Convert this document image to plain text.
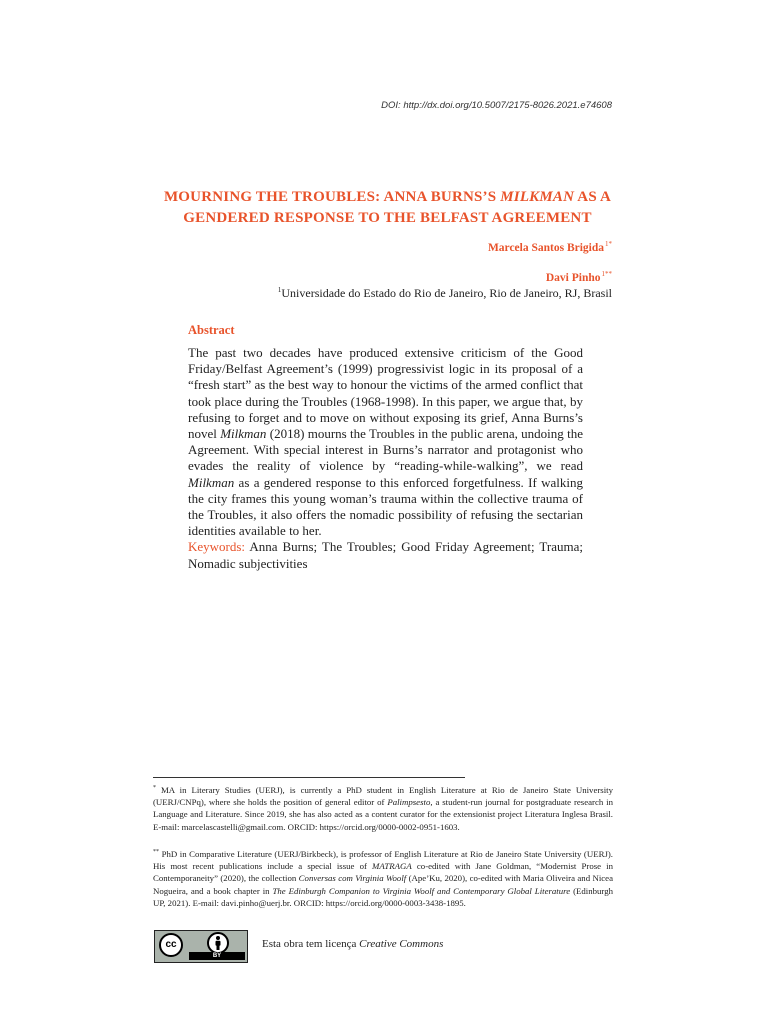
DOI: http://dx.doi.org/10.5007/2175-8026.2021.e74608
MOURNING THE TROUBLES: ANNA BURNS’S MILKMAN AS A GENDERED RESPONSE TO THE BELFAST AGREEMENT
Marcela Santos Brigida$^{1*}$
Davi Pinho$^{1**}$
$^1$Universidade do Estado do Rio de Janeiro, Rio de Janeiro, RJ, Brasil
Abstract

The past two decades have produced extensive criticism of the Good Friday/Belfast Agreement’s (1999) progressivist logic in its proposal of a “fresh start” as the best way to honour the victims of the armed conflict that took place during the Troubles (1968-1998). In this paper, we argue that, by refusing to forget and to move on without exposing its grief, Anna Burns’s novel Milkman (2018) mourns the Troubles in the public arena, undoing the Agreement. With special interest in Burns’s narrator and protagonist who evades the reality of violence by “reading-while-walking”, we read Milkman as a gendered response to this enforced forgetfulness. If walking the city frames this young woman’s trauma within the collective trauma of the Troubles, it also offers the nomadic possibility of refusing the sectarian identities available to her.

Keywords: Anna Burns; The Troubles; Good Friday Agreement; Trauma; Nomadic subjectivities

* MA in Literary Studies (UERJ), is currently a PhD student in English Literature at Rio de Janeiro State University (UERJ/CNPq), where she holds the position of general editor of Palimpsesto, a student-run journal for postgraduate research in Language and Literature. Since 2019, she has also acted as a content curator for the extensionist project Literatura Inglesa Brasil. E-mail: marcelascastelli@gmail.com. ORCID: https://orcid.org/0000-0002-0951-1603.
** PhD in Comparative Literature (UERJ/Birkbeck), is professor of English Literature at Rio de Janeiro State University (UERJ). His most recent publications include a special issue of MATRAGA co-edited with Jane Goldman, “Modernist Prose in Contemporaneity” (2020), the collection Conversas com Virginia Woolf (Ape’Ku, 2020), co-edited with Maria Oliveira and Nicea Nogueira, and a book chapter in The Edinburgh Companion to Virginia Woolf and Contemporary Global Literature (Edinburgh UP, 2021). E-mail: davi.pinho@uerj.br. ORCID: https://orcid.org/0000-0003-3438-1895.
cc
BY
Esta obra tem licença Creative Commons
